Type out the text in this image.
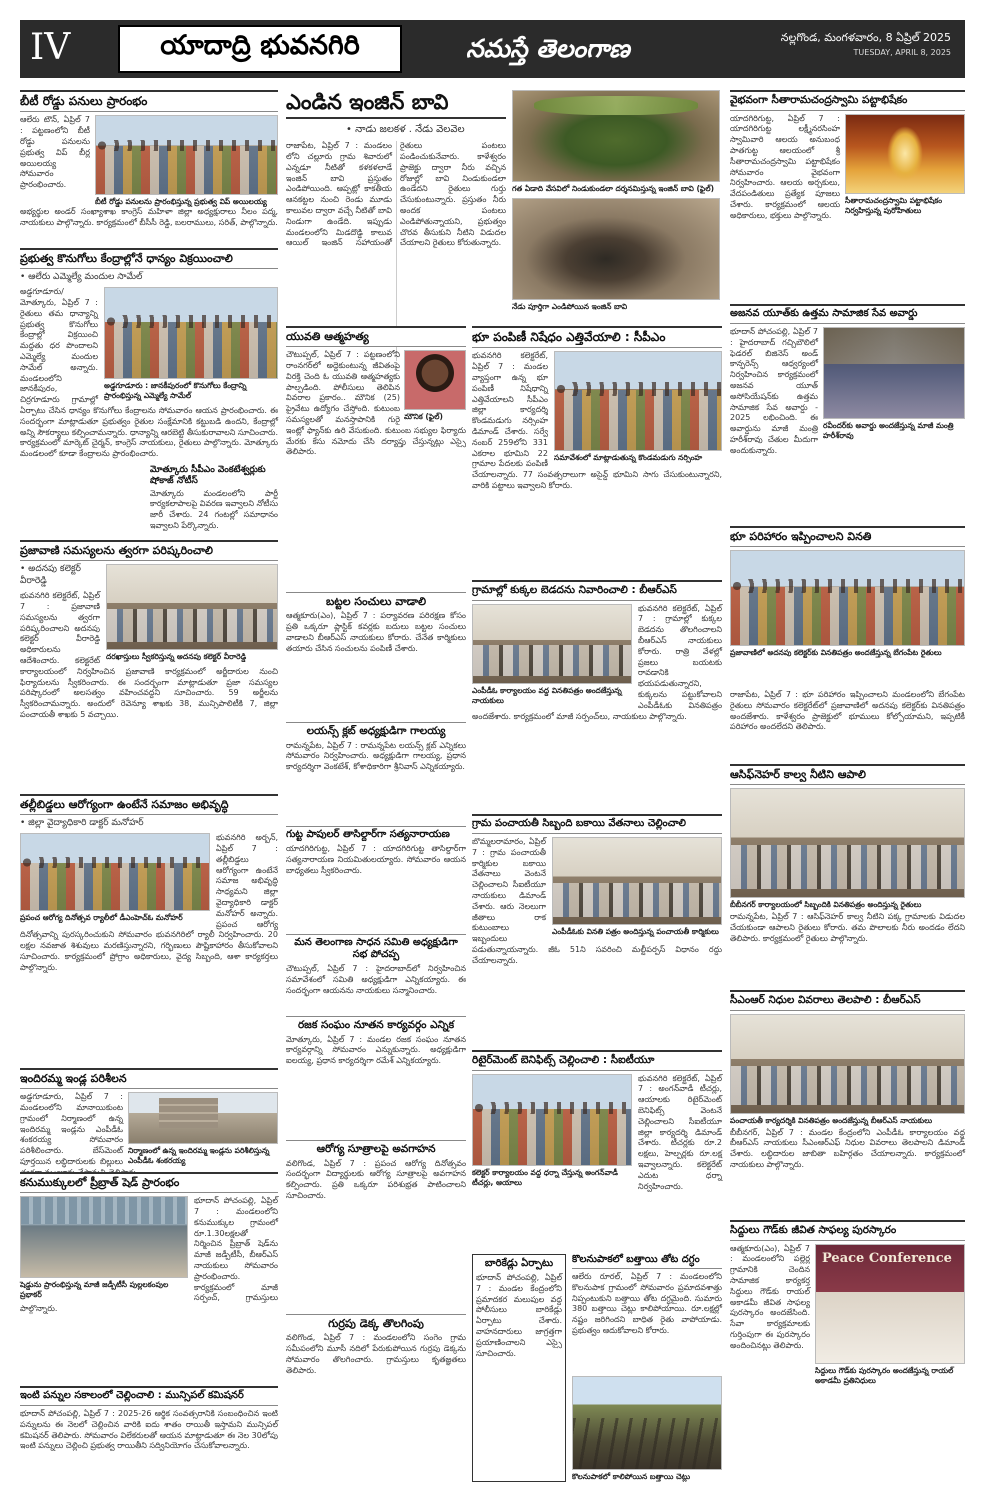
IV	యాదాద్రి భువనగిరి	నమస్తే తెలంగాణ	నల్లగొండ, మంగళవారం, 8 ఏప్రిల్ 2025
TUESDAY, APRIL 8, 2025
బీటీ రోడ్డు పనులు ప్రారంభం
ఆలేరు టౌన్, ఏప్రిల్ 7 : పట్టణంలోని బీటీ రోడ్డు పనులను ప్రభుత్వ విప్ బీర్ల అయిలయ్య సోమవారం ప్రారంభించారు.
బీటీ రోడ్డు పనులను ప్రారంభిస్తున్న ప్రభుత్వ విప్ అయిలయ్య
అభ్యర్థుల అండర్ సంఖ్యాశాఖ కాంగ్రెస్ మహిళా జిల్లా అధ్యక్షురాలు నీలం పద్మ, నాయకులు పాల్గొన్నారు. కార్యక్రమంలో బీసీసీ రెడ్డి, బలరాములు, సరిత్, పాల్గొన్నారు.
ప్రభుత్వ కొనుగోలు కేంద్రాల్లోనే ధాన్యం విక్రయించాలి
• ఆలేరు ఎమ్మెల్యే మందుల సామేల్
అడ్డగూడూరు : జానకీపురంలో కొనుగోలు కేంద్రాన్ని ప్రారంభిస్తున్న ఎమ్మెల్యే సామేల్
అడ్డగూడూరు/మోత్కూరు, ఏప్రిల్ 7 : రైతులు తమ ధాన్యాన్ని ప్రభుత్వ కొనుగోలు కేంద్రాల్లో విక్రయించి మద్దతు ధర పొందాలని ఎమ్మెల్యే మందుల సామేల్ అన్నారు. మండలంలోని జానకీపురం, చిర్రగూడూరు గ్రామాల్లో ఏర్పాటు చేసిన ధాన్యం కొనుగోలు కేంద్రాలను సోమవారం ఆయన ప్రారంభించారు. ఈ సందర్భంగా మాట్లాడుతూ ప్రభుత్వం రైతుల సంక్షేమానికి కట్టుబడి ఉందని, కేంద్రాల్లో అన్ని సౌకర్యాలు కల్పించామన్నారు. ధాన్యాన్ని ఆరబెట్టి తీసుకురావాలని సూచించారు. కార్యక్రమంలో మార్కెట్ చైర్మన్, కాంగ్రెస్ నాయకులు, రైతులు పాల్గొన్నారు. మోత్కూరు మండలంలో కూడా కేంద్రాలను ప్రారంభించారు.
మోత్కూరు సీపీఎం వెంకటేశ్వర్లుకు షోకాజ్ నోటీస్
మోత్కూరు మండలంలోని పార్టీ కార్యకలాపాలపై వివరణ ఇవ్వాలని నోటీసు జారీ చేశారు. 24 గంటల్లో సమాధానం ఇవ్వాలని పేర్కొన్నారు.
ప్రజావాణి సమస్యలను త్వరగా పరిష్కరించాలి
దరఖాస్తులు స్వీకరిస్తున్న అదనపు కలెక్టర్ వీరారెడ్డి
• అదనపు కలెక్టర్ వీరారెడ్డి
భువనగిరి కలెక్టరేట్, ఏప్రిల్ 7 : ప్రజావాణి సమస్యలను త్వరగా పరిష్కరించాలని అదనపు కలెక్టర్ వీరారెడ్డి అధికారులను ఆదేశించారు. కలెక్టరేట్ కార్యాలయంలో నిర్వహించిన ప్రజావాణి కార్యక్రమంలో అర్జీదారుల నుంచి ఫిర్యాదులను స్వీకరించారు. ఈ సందర్భంగా మాట్లాడుతూ ప్రజా సమస్యల పరిష్కారంలో అలసత్వం వహించవద్దని సూచించారు. 59 అర్జీలను స్వీకరించామన్నారు. అందులో రెవెన్యూ శాఖకు 38, మున్సిపాలిటీకి 7, జిల్లా పంచాయతీ శాఖకు 5 వచ్చాయి.
తల్లీబిడ్డలు ఆరోగ్యంగా ఉంటేనే సమాజం అభివృద్ధి
• జిల్లా వైద్యాధికారి డాక్టర్ మనోహర్
ప్రపంచ ఆరోగ్య దినోత్సవ ర్యాలీలో డీఎంహెచ్‌ఓ మనోహర్
భువనగిరి అర్బన్, ఏప్రిల్ 7 : తల్లీబిడ్డలు ఆరోగ్యంగా ఉంటేనే సమాజ అభివృద్ధి సాధ్యమని జిల్లా వైద్యాధికారి డాక్టర్ మనోహర్ అన్నారు. ప్రపంచ ఆరోగ్య దినోత్సవాన్ని పురస్కరించుకుని సోమవారం భువనగిరిలో ర్యాలీ నిర్వహించారు. 20 లక్షల నవజాత శిశువులు మరణిస్తున్నారని, గర్భిణులు పౌష్టికాహారం తీసుకోవాలని సూచించారు. కార్యక్రమంలో ప్రోగ్రాం అధికారులు, వైద్య సిబ్బంది, ఆశా కార్యకర్తలు పాల్గొన్నారు.
ఇందిరమ్మ ఇండ్ల పరిశీలన
నిర్మాణంలో ఉన్న ఇందిరమ్మ ఇండ్లను పరిశీలిస్తున్న ఎంపీడీఓ శంకరయ్య
అడ్డగూడూరు, ఏప్రిల్ 7 : మండలంలోని మానాయికుంట గ్రామంలో నిర్మాణంలో ఉన్న ఇందిరమ్మ ఇండ్లను ఎంపీడీఓ శంకరయ్య సోమవారం పరిశీలించారు. బేస్‌మెంట్ పూర్తయిన లబ్ధిదారులకు బిల్లులు
కనుముక్కులలో ప్రీబ్రాత్ షెడ్ ప్రారంభం
షెడ్డును ప్రారంభిస్తున్న మాజీ జడ్పీటీసీ పుల్లలకంపుల ప్రభాకర్
భూదాన్ పోచంపల్లి, ఏప్రిల్ 7 : మండలంలోని కనుముక్కుల గ్రామంలో రూ.1.30లక్షలతో నిర్మించిన ప్రీబ్రాత్ షెడ్‌ను మాజీ జడ్పీటీసీ, బీఆర్‌ఎస్ నాయకులు సోమవారం ప్రారంభించారు. కార్యక్రమంలో మాజీ సర్పంచ్, గ్రామస్తులు పాల్గొన్నారు.
ఇంటి పన్నుల సకాలంలో చెల్లించాలి : మున్సిపల్ కమిషనర్
భూదాన్ పోచంపల్లి, ఏప్రిల్ 7 : 2025-26 ఆర్థిక సంవత్సరానికి సంబంధించిన ఇంటి పన్నులను ఈ నెలలో చెల్లించిన వారికి ఐదు శాతం రాయితీ ఇస్తామని మున్సిపల్ కమిషనర్ తెలిపారు. సోమవారం విలేకరులతో ఆయన మాట్లాడుతూ ఈ నెల 30లోపు ఇంటి పన్నులు చెల్లించి ప్రభుత్వ రాయితీని సద్వినియోగం చేసుకోవాలన్నారు.
ఎండిన ఇంజిన్ బావి
• నాడు జలకళ . నేడు వెలవెల
రాజాపేట, ఏప్రిల్ 7 : మండలం లోని చల్లూరు గ్రామ శివారులో ఎన్నడూ నీటితో కళకళలాడే ఇంజిన్ బావి ప్రస్తుతం ఎండిపోయింది. ఆప్పట్లో కాకతీయ ఆనకట్టల నుంచి రెండు మూడు కాలువల ద్వారా వచ్చే నీటితో బావి నిండుగా ఉండేది. ఇప్పుడు మండలంలోని మిడదొడ్డి కాలువ ఆయిల్ ఇంజిన్ సహాయంతో రైతులు పంటలు పండించుకునేవారు. కాళేశ్వరం ప్రాజెక్టు ద్వారా నీరు వచ్చిన రోజుల్లో బావి నిండుకుండలా ఉండేదని రైతులు గుర్తు చేసుకుంటున్నారు. ప్రస్తుతం నీరు అందక పంటలు ఎండిపోతున్నాయని, ప్రభుత్వం చొరవ తీసుకుని నీటిని విడుదల చేయాలని రైతులు కోరుతున్నారు.
గత ఏడాది వేసవిలో నిండుకుండలా దర్శనమిస్తున్న ఇంజిన్ బావి (ఫైల్)
నేడు పూర్తిగా ఎండిపోయిన ఇంజిన్ బావి
యువతి ఆత్మహత్య
మౌనిక (ఫైల్)
చౌటుప్పల్, ఏప్రిల్ 7 : పట్టణంలోని రాంనగర్‌లో అద్దెకుంటున్న జీవితంపై విరక్తి చెంది ఓ యువతి ఆత్మహత్యకు పాల్పడింది. పోలీసులు తెలిపిన వివరాల ప్రకారం.. మౌనిక (25) ప్రైవేటు ఉద్యోగం చేస్తోంది. కుటుంబ సమస్యలతో మనస్తాపానికి గురై ఇంట్లో ఫ్యాన్‌కు ఉరి వేసుకుంది. కుటుంబ సభ్యుల ఫిర్యాదు మేరకు కేసు నమోదు చేసి దర్యాప్తు చేస్తున్నట్లు ఎస్సై తెలిపారు.
బట్టల సంచులు వాడాలి
ఆత్మకూరు(ఎం), ఏప్రిల్ 7 : పర్యావరణ పరిరక్షణ కోసం ప్రతి ఒక్కరూ ప్లాస్టిక్ కవర్లకు బదులు బట్టల సంచులు వాడాలని బీఆర్‌ఎస్ నాయకులు కోరారు. చేనేత కార్మికులు తయారు చేసిన సంచులను పంపిణీ చేశారు.
లయన్స్ క్లబ్ అధ్యక్షుడిగా గాలయ్య
రామన్నపేట, ఏప్రిల్ 7 : రామన్నపేట లయన్స్ క్లబ్ ఎన్నికలు సోమవారం నిర్వహించారు. అధ్యక్షుడిగా గాలయ్య, ప్రధాన కార్యదర్శిగా వెంకటేశ్, కోశాధికారిగా శ్రీనివాస్ ఎన్నికయ్యారు.
గుట్ట పాపులర్ తాసిల్దార్‌గా సత్యనారాయణ
యాదగిరిగుట్ట, ఏప్రిల్ 7 : యాదగిరిగుట్ట తాసిల్దార్‌గా సత్యనారాయణ నియమితులయ్యారు. సోమవారం ఆయన బాధ్యతలు స్వీకరించారు.
మన తెలంగాణ సాధన సమితి అధ్యక్షుడిగా సభ పోచప్ప
చౌటుప్పల్, ఏప్రిల్ 7 : హైదరాబాద్‌లో నిర్వహించిన సమావేశంలో సమితి అధ్యక్షుడిగా ఎన్నికయ్యారు. ఈ సందర్భంగా ఆయనను నాయకులు సన్మానించారు.
రజక సంఘం నూతన కార్యవర్గం ఎన్నిక
మోత్కూరు, ఏప్రిల్ 7 : మండల రజక సంఘం నూతన కార్యవర్గాన్ని సోమవారం ఎన్నుకున్నారు. అధ్యక్షుడిగా ఐలయ్య, ప్రధాన కార్యదర్శిగా రమేశ్ ఎన్నికయ్యారు.
ఆరోగ్య సూత్రాలపై అవగాహన
వలిగొండ, ఏప్రిల్ 7 : ప్రపంచ ఆరోగ్య దినోత్సవం సందర్భంగా విద్యార్థులకు ఆరోగ్య సూత్రాలపై అవగాహన కల్పించారు. ప్రతి ఒక్కరూ పరిశుభ్రత పాటించాలని సూచించారు.
గుర్రపు డెక్క తొలగింపు
వలిగొండ, ఏప్రిల్ 7 : మండలంలోని సంగెం గ్రామ సమీపంలోని మూసీ నదిలో పేరుకుపోయిన గుర్రపు డెక్కను సోమవారం తొలగించారు. గ్రామస్తులు కృతజ్ఞతలు తెలిపారు.
భూ పంపిణీ నిషేధం ఎత్తివేయాలి : సీపీఎం
సమావేశంలో మాట్లాడుతున్న కొండమడుగు నర్సింహ
భువనగిరి కలెక్టరేట్, ఏప్రిల్ 7 : మండల వ్యాప్తంగా ఉన్న భూ పంపిణీ నిషేధాన్ని ఎత్తివేయాలని సీపీఎం జిల్లా కార్యదర్శి కొండమడుగు నర్సింహ డిమాండ్ చేశారు. సర్వే నంబర్ 259లోని 331 ఎకరాల భూమిని 22 గ్రామాల పేదలకు పంపిణీ చేయాలన్నారు. 77 సంవత్సరాలుగా అసైన్డ్ భూమిని సాగు చేసుకుంటున్నారని, వారికి పట్టాలు ఇవ్వాలని కోరారు.
గ్రామాల్లో కుక్కల బెడదను నివారించాలి : బీఆర్‌ఎస్
ఎంపీడీఓ కార్యాలయం వద్ద వినతిపత్రం అందజేస్తున్న నాయకులు
భువనగిరి కలెక్టరేట్, ఏప్రిల్ 7 : గ్రామాల్లో కుక్కల బెడదను తొలగించాలని బీఆర్‌ఎస్ నాయకులు కోరారు. రాత్రి వేళల్లో ప్రజలు బయటకు రావడానికి భయపడుతున్నారని, కుక్కలను పట్టుకోవాలని ఎంపీడీఓకు వినతిపత్రం అందజేశారు. కార్యక్రమంలో మాజీ సర్పంచ్‌లు, నాయకులు పాల్గొన్నారు.
గ్రామ పంచాయతీ సిబ్బంది బకాయి వేతనాలు చెల్లించాలి
ఎంపీడీఓకు వినతి పత్రం అందిస్తున్న పంచాయతీ కార్మికులు
బొమ్మలరామారం, ఏప్రిల్ 7 : గ్రామ పంచాయతీ కార్మికుల బకాయి వేతనాలు వెంటనే చెల్లించాలని సీఐటీయూ నాయకులు డిమాండ్ చేశారు. ఆరు నెలలుగా జీతాలు రాక కుటుంబాలు ఇబ్బందులు పడుతున్నాయన్నారు. జీఓ 51ని సవరించి మల్టీపర్పస్ విధానం రద్దు చేయాలన్నారు.
రిటైర్‌మెంట్ బెనిఫిట్స్ చెల్లించాలి : సీఐటీయూ
కలెక్టర్ కార్యాలయం వద్ద ధర్నా చేస్తున్న అంగన్‌వాడీ టీచర్లు, ఆయాలు
భువనగిరి కలెక్టరేట్, ఏప్రిల్ 7 : అంగన్‌వాడీ టీచర్లు, ఆయాలకు రిటైర్‌మెంట్ బెనిఫిట్స్ వెంటనే చెల్లించాలని సీఐటీయూ జిల్లా కార్యదర్శి డిమాండ్ చేశారు. టీచర్లకు రూ.2 లక్షలు, హెల్పర్లకు రూ.లక్ష ఇవ్వాలన్నారు. కలెక్టరేట్ ఎదుట ధర్నా నిర్వహించారు.
బారికేడ్లు ఏర్పాటు
భూదాన్ పోచంపల్లి, ఏప్రిల్ 7 : మండల కేంద్రంలోని ప్రమాదకర మలుపుల వద్ద పోలీసులు బారికేడ్లు ఏర్పాటు చేశారు. వాహనదారులు జాగ్రత్తగా ప్రయాణించాలని ఎస్సై సూచించారు.
కొలనుపాకలో బత్తాయి తోట దగ్ధం
ఆలేరు రూరల్, ఏప్రిల్ 7 : మండలంలోని కొలనుపాక గ్రామంలో సోమవారం ప్రమాదవశాత్తు నిప్పంటుకుని బత్తాయి తోట దగ్ధమైంది. సుమారు 380 బత్తాయి చెట్లు కాలిపోయాయి. రూ.లక్షల్లో నష్టం జరిగిందని బాధిత రైతు వాపోయాడు. ప్రభుత్వం ఆదుకోవాలని కోరారు.
కొలనుపాకలో కాలిపోయిన బత్తాయి చెట్లు
వైభవంగా సీతారామచంద్రస్వామి పట్టాభిషేకం
సీతారామచంద్రస్వామి పట్టాభిషేకం నిర్వహిస్తున్న పురోహితులు
యాదగిరిగుట్ట, ఏప్రిల్ 7 : యాదగిరిగుట్ట లక్ష్మీనరసింహ స్వామివారి ఆలయ అనుబంధ పాతగుట్ట ఆలయంలో శ్రీ సీతారామచంద్రస్వామి పట్టాభిషేకం సోమవారం వైభవంగా నిర్వహించారు. ఆలయ అర్చకులు, వేదపండితులు ప్రత్యేక పూజలు చేశారు. కార్యక్రమంలో ఆలయ అధికారులు, భక్తులు పాల్గొన్నారు.
అజనవ యూత్‌కు ఉత్తమ సామాజిక సేవ అవార్డు
రవీందర్‌కు అవార్డు అందజేస్తున్న మాజీ మంత్రి హరీశ్‌రావు
భూదాన్ పోచంపల్లి, ఏప్రిల్ 7 : హైదరాబాద్ గచ్చిబౌలిలో ఫెడరల్ బిజినెస్ అండ్ కాన్ఫరెన్స్ ఆధ్వర్యంలో నిర్వహించిన కార్యక్రమంలో అజనవ యూత్ అసోసియేషన్‌కు ఉత్తమ సామాజిక సేవ అవార్డు - 2025 లభించింది. ఈ అవార్డును మాజీ మంత్రి హరీశ్‌రావు చేతుల మీదుగా అందుకున్నారు.
భూ పరిహారం ఇప్పించాలని వినతి
ప్రజావాణిలో అదనపు కలెక్టర్‌కు వినతిపత్రం అందజేస్తున్న బేగంపేట రైతులు
రాజాపేట, ఏప్రిల్ 7 : భూ పరిహారం ఇప్పించాలని మండలంలోని బేగంపేట రైతులు సోమవారం కలెక్టరేట్‌లో ప్రజావాణిలో అదనపు కలెక్టర్‌కు వినతిపత్రం అందజేశారు. కాళేశ్వరం ప్రాజెక్టులో భూములు కోల్పోయామని, ఇప్పటికీ పరిహారం అందలేదని తెలిపారు.
ఆసిఫ్‌నెహర్ కాల్వ నీటిని ఆపాలి
బీబీనగర్ కార్యాలయంలో సిబ్బందికి వినతిపత్రం అందిస్తున్న రైతులు
రామన్నపేట, ఏప్రిల్ 7 : ఆసిఫ్‌నెహర్ కాల్వ నీటిని పక్క గ్రామాలకు విడుదల చేయకుండా ఆపాలని రైతులు కోరారు. తమ పొలాలకు నీరు అందడం లేదని తెలిపారు. కార్యక్రమంలో రైతులు పాల్గొన్నారు.
సీఎంఆర్ నిధుల వివరాలు తెలపాలి : బీఆర్‌ఎస్
పంచాయతీ కార్యదర్శికి వినతిపత్రం అందజేస్తున్న బీఆర్‌ఎస్ నాయకులు
బీబీనగర్, ఏప్రిల్ 7 : మండల కేంద్రంలోని ఎంపీడీఓ కార్యాలయం వద్ద బీఆర్‌ఎస్ నాయకులు సీఎంఆర్‌ఎఫ్ నిధుల వివరాలు తెలపాలని డిమాండ్ చేశారు. లబ్ధిదారుల జాబితా బహిర్గతం చేయాలన్నారు. కార్యక్రమంలో నాయకులు పాల్గొన్నారు.
సిద్దులు గౌడ్‌కు జీవిత సాఫల్య పురస్కారం
Peace Conference
సిద్దులు గౌడ్‌కు పురస్కారం అందజేస్తున్న రాయల్ అకాడమీ ప్రతినిధులు
ఆత్మకూరు(ఎం), ఏప్రిల్ 7 : మండలంలోని పల్లెర్ల గ్రామానికి చెందిన సామాజిక కార్యకర్త సిద్దులు గౌడ్‌కు రాయల్ అకాడమీ జీవిత సాఫల్య పురస్కారం అందజేసింది. సేవా కార్యక్రమాలకు గుర్తింపుగా ఈ పురస్కారం అందించినట్లు తెలిపారు.
